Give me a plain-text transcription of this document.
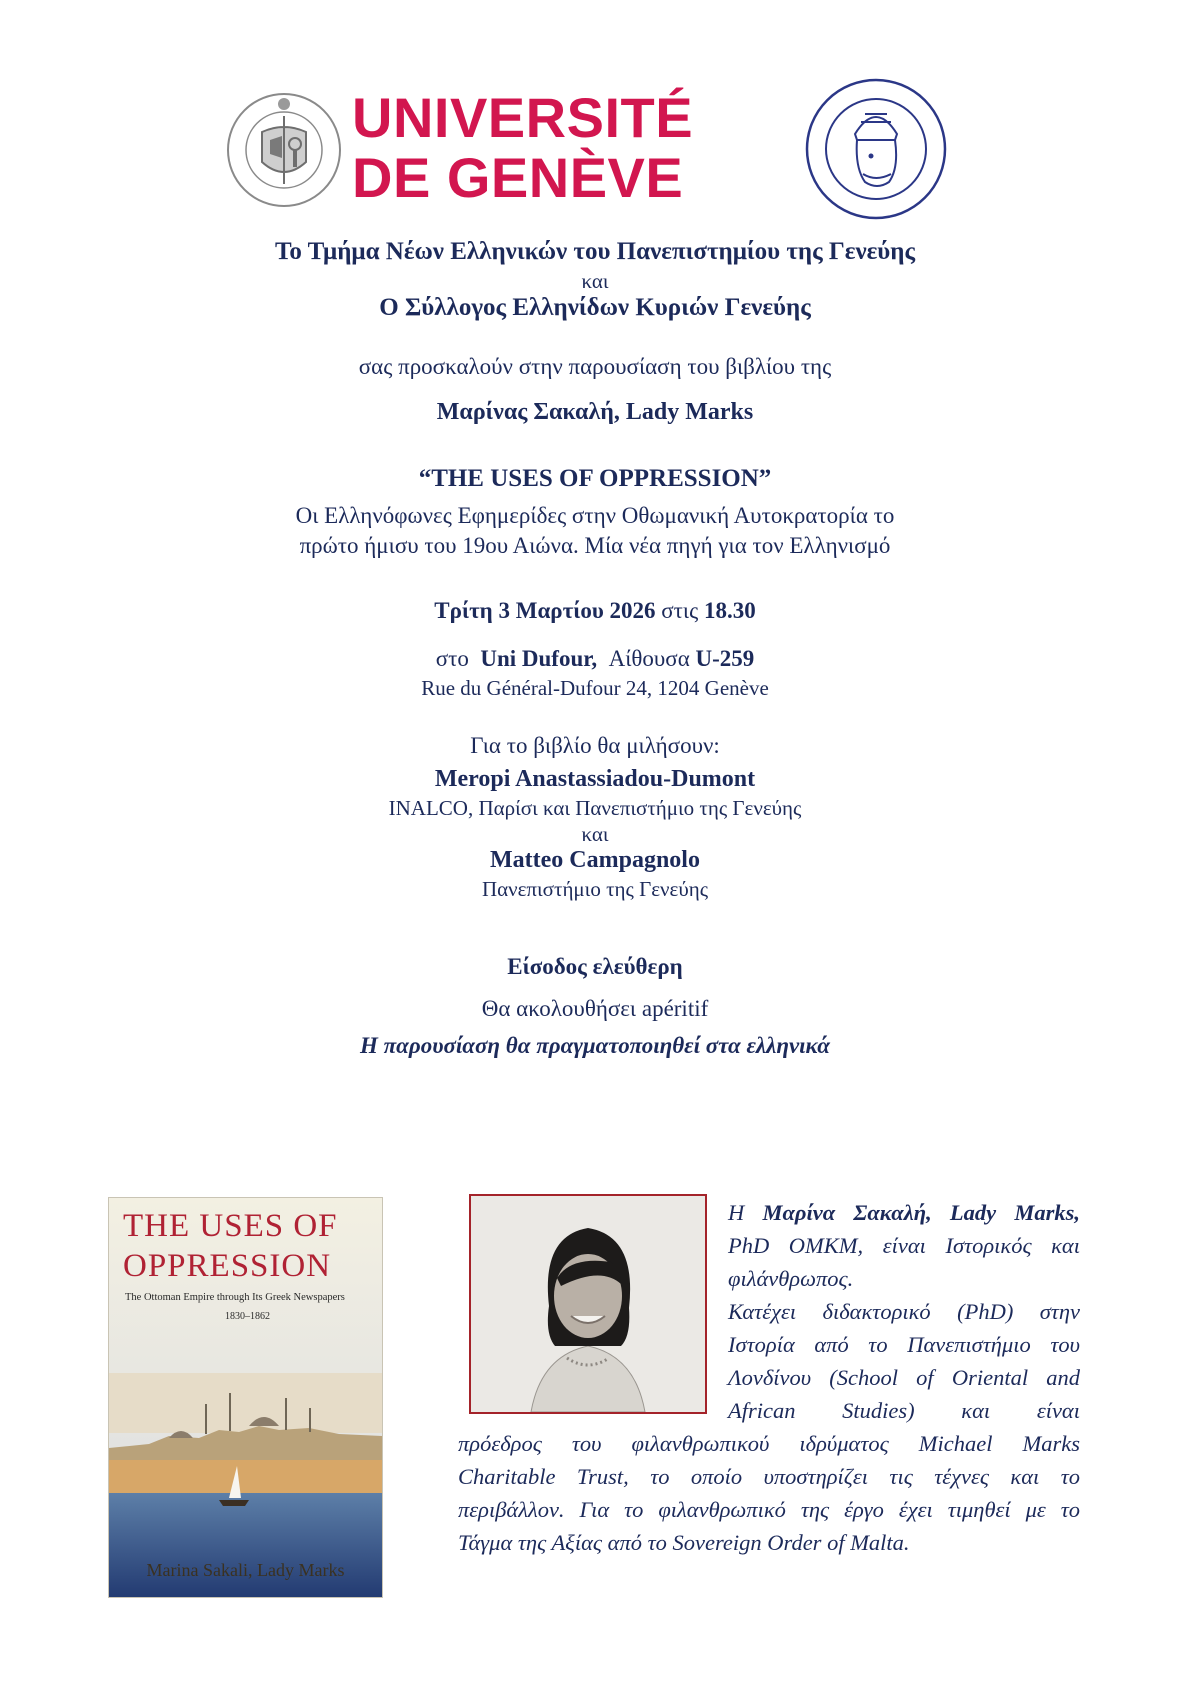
UNIVERSITÉ
DE GENÈVE
Το Τμήμα Νέων Ελληνικών του Πανεπιστημίου της Γενεύης
και
Ο Σύλλογος Ελληνίδων Κυριών Γενεύης
σας προσκαλούν στην παρουσίαση του βιβλίου της
Μαρίνας Σακαλή, Lady Marks
“THE USES OF OPPRESSION”
Οι Ελληνόφωνες Εφημερίδες στην Οθωμανική Αυτοκρατορία το
πρώτο ήμισυ του 19ου Αιώνα. Μία νέα πηγή για τον Ελληνισμό
Τρίτη 3 Μαρτίου 2026 στις 18.30
στο Uni Dufour, Αίθουσα U-259
Rue du Général-Dufour 24, 1204 Genève
Για το βιβλίο θα μιλήσουν:
Meropi Anastassiadou-Dumont
INALCO, Παρίσι και Πανεπιστήμιο της Γενεύης
και
Matteo Campagnolo
Πανεπιστήμιο της Γενεύης
Είσοδος ελεύθερη
Θα ακολουθήσει apéritif
Η παρουσίαση θα πραγματοποιηθεί στα ελληνικά
THE USES OF
OPPRESSION
The Ottoman Empire through Its Greek Newspapers
1830–1862
Marina Sakali, Lady Marks
Η Μαρίνα Σακαλή, Lady Marks,
PhD OMKM, είναι Ιστορικός και
φιλάνθρωπος.
Κατέχει διδακτορικό (PhD) στην
Ιστορία από το Πανεπιστήμιο του
Λονδίνου (School of Oriental and
African Studies) και είναι
πρόεδρος του φιλανθρωπικού ιδρύματος Michael Marks
Charitable Trust, το οποίο υποστηρίζει τις τέχνες και το
περιβάλλον. Για το φιλανθρωπικό της έργο έχει τιμηθεί με το
Τάγμα της Αξίας από το Sovereign Order of Malta.
